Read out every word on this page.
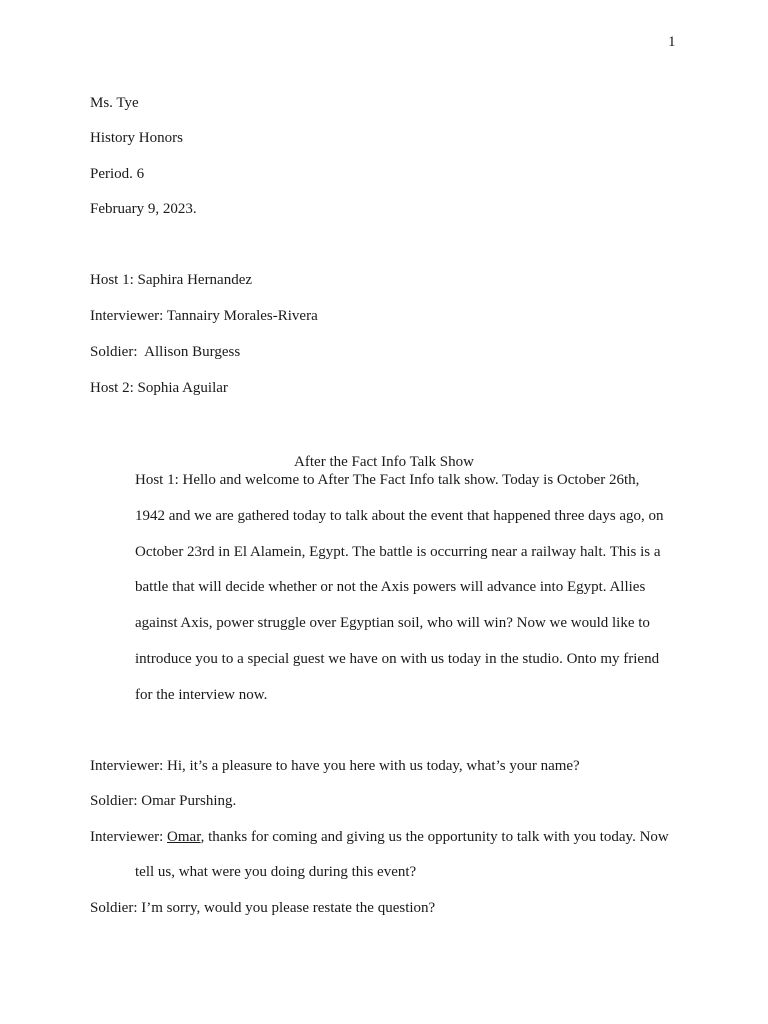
1
Ms. Tye
History Honors
Period. 6
February 9, 2023.
Host 1: Saphira Hernandez
Interviewer: Tannairy Morales-Rivera
Soldier:  Allison Burgess
Host 2: Sophia Aguilar
After the Fact Info Talk Show
Host 1: Hello and welcome to After The Fact Info talk show. Today is October 26th,
1942 and we are gathered today to talk about the event that happened three days ago, on
October 23rd in El Alamein, Egypt. The battle is occurring near a railway halt. This is a
battle that will decide whether or not the Axis powers will advance into Egypt. Allies
against Axis, power struggle over Egyptian soil, who will win? Now we would like to
introduce you to a special guest we have on with us today in the studio. Onto my friend
for the interview now.
Interviewer: Hi, it’s a pleasure to have you here with us today, what’s your name?
Soldier: Omar Purshing.
Interviewer: Omar, thanks for coming and giving us the opportunity to talk with you today. Now
tell us, what were you doing during this event?
Soldier: I’m sorry, would you please restate the question?
